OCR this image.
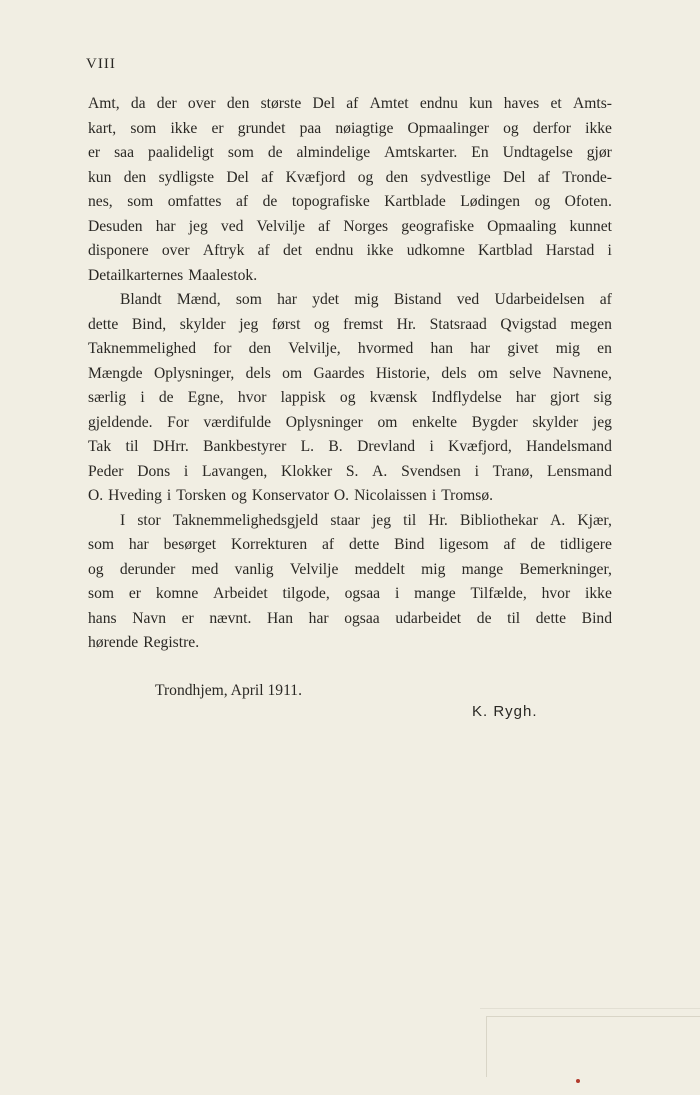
VIII
Amt, da der over den største Del af Amtet endnu kun haves et Amts-
kart, som ikke er grundet paa nøiagtige Opmaalinger og derfor ikke
er saa paalideligt som de almindelige Amtskarter. En Undtagelse gjør
kun den sydligste Del af Kvæfjord og den sydvestlige Del af Tronde-
nes, som omfattes af de topografiske Kartblade Lødingen og Ofoten.
Desuden har jeg ved Velvilje af Norges geografiske Opmaaling kunnet
disponere over Aftryk af det endnu ikke udkomne Kartblad Harstad i
Detailkarternes Maalestok.
Blandt Mænd, som har ydet mig Bistand ved Udarbeidelsen af
dette Bind, skylder jeg først og fremst Hr. Statsraad Qvigstad megen
Taknemmelighed for den Velvilje, hvormed han har givet mig en
Mængde Oplysninger, dels om Gaardes Historie, dels om selve Navnene,
særlig i de Egne, hvor lappisk og kvænsk Indflydelse har gjort sig
gjeldende. For værdifulde Oplysninger om enkelte Bygder skylder jeg
Tak til DHrr. Bankbestyrer L. B. Drevland i Kvæfjord, Handelsmand
Peder Dons i Lavangen, Klokker S. A. Svendsen i Tranø, Lensmand
O. Hveding i Torsken og Konservator O. Nicolaissen i Tromsø.
I stor Taknemmelighedsgjeld staar jeg til Hr. Bibliothekar A. Kjær,
som har besørget Korrekturen af dette Bind ligesom af de tidligere
og derunder med vanlig Velvilje meddelt mig mange Bemerkninger,
som er komne Arbeidet tilgode, ogsaa i mange Tilfælde, hvor ikke
hans Navn er nævnt. Han har ogsaa udarbeidet de til dette Bind
hørende Registre.
Trondhjem, April 1911.
K. Rygh.
